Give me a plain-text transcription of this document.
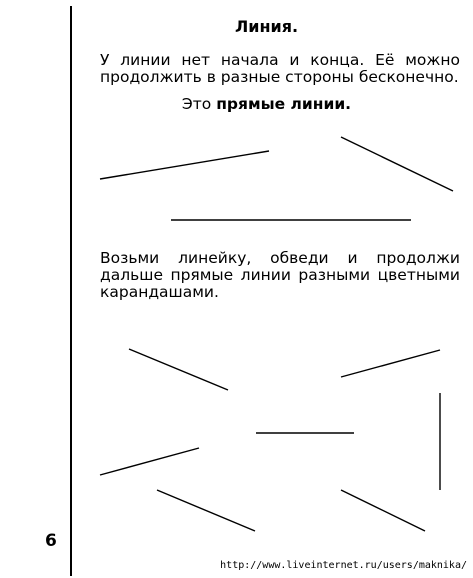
Линия.
У линии нет начала и конца. Её можно
продолжить в разные стороны бесконечно.
Это прямые линии.
Возьми линейку, обведи и продолжи
дальше прямые линии разными цветными
карандашами.
6
http://www.liveinternet.ru/users/maknika/
